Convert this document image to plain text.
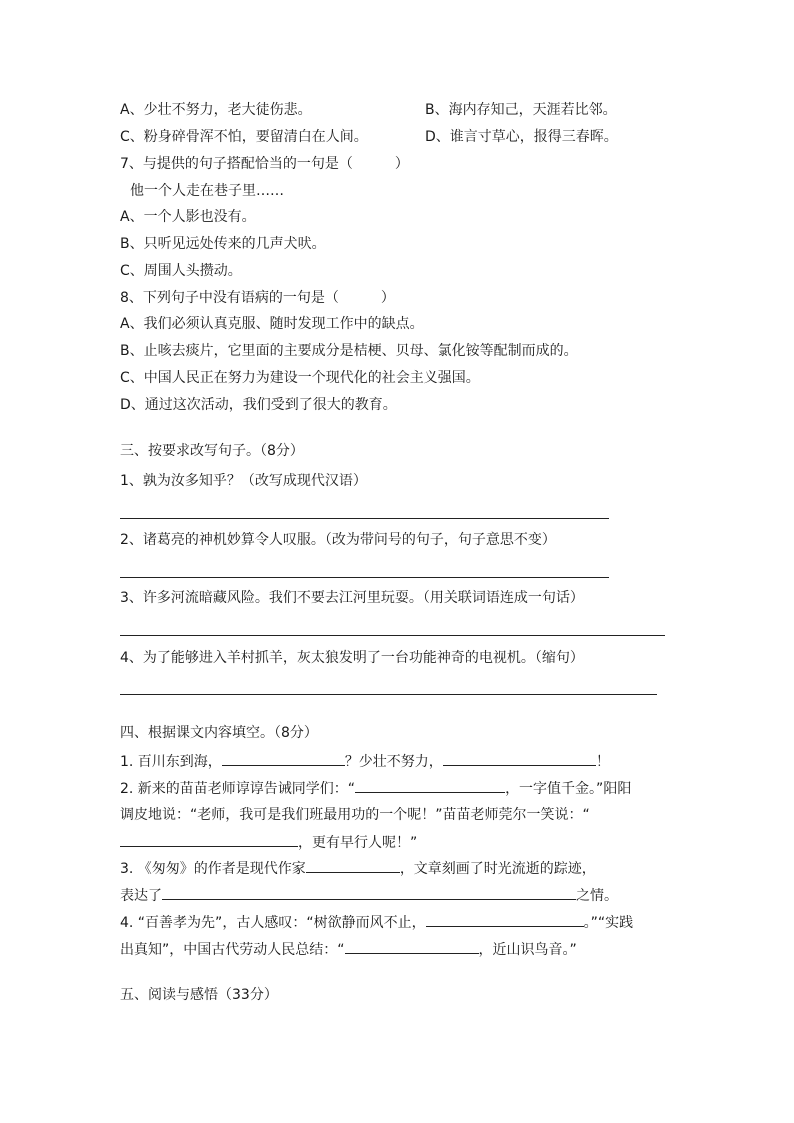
A、少壮不努力，老大徒伤悲。	B、海内存知己，天涯若比邻。
C、粉身碎骨浑不怕，要留清白在人间。	D、谁言寸草心，报得三春晖。
7、与提供的句子搭配恰当的一句是（　　　）
他一个人走在巷子里……
A、一个人影也没有。
B、只听见远处传来的几声犬吠。
C、周围人头攒动。
8、下列句子中没有语病的一句是（　　　）
A、我们必须认真克服、随时发现工作中的缺点。
B、止咳去痰片，它里面的主要成分是桔梗、贝母、氯化铵等配制而成的。
C、中国人民正在努力为建设一个现代化的社会主义强国。
D、通过这次活动，我们受到了很大的教育。
三、按要求改写句子。（8分）
1、孰为汝多知乎？（改写成现代汉语）
2、诸葛亮的神机妙算令人叹服。（改为带问号的句子，句子意思不变）
3、许多河流暗藏风险。我们不要去江河里玩耍。（用关联词语连成一句话）
4、为了能够进入羊村抓羊，灰太狼发明了一台功能神奇的电视机。（缩句）
四、根据课文内容填空。（8分）
1. 百川东到海，	？少壮不努力，	！
2. 新来的苗苗老师谆谆告诫同学们：“	，一字值千金。”阳阳
调皮地说：“老师，我可是我们班最用功的一个呢！”苗苗老师莞尔一笑说：“
，更有早行人呢！”
3. 《匆匆》的作者是现代作家	，文章刻画了时光流逝的踪迹，
表达了	之情。
4. “百善孝为先”，古人感叹：“树欲静而风不止，	。”“实践
出真知”，中国古代劳动人民总结：“	，近山识鸟音。”
五、阅读与感悟（33分）
